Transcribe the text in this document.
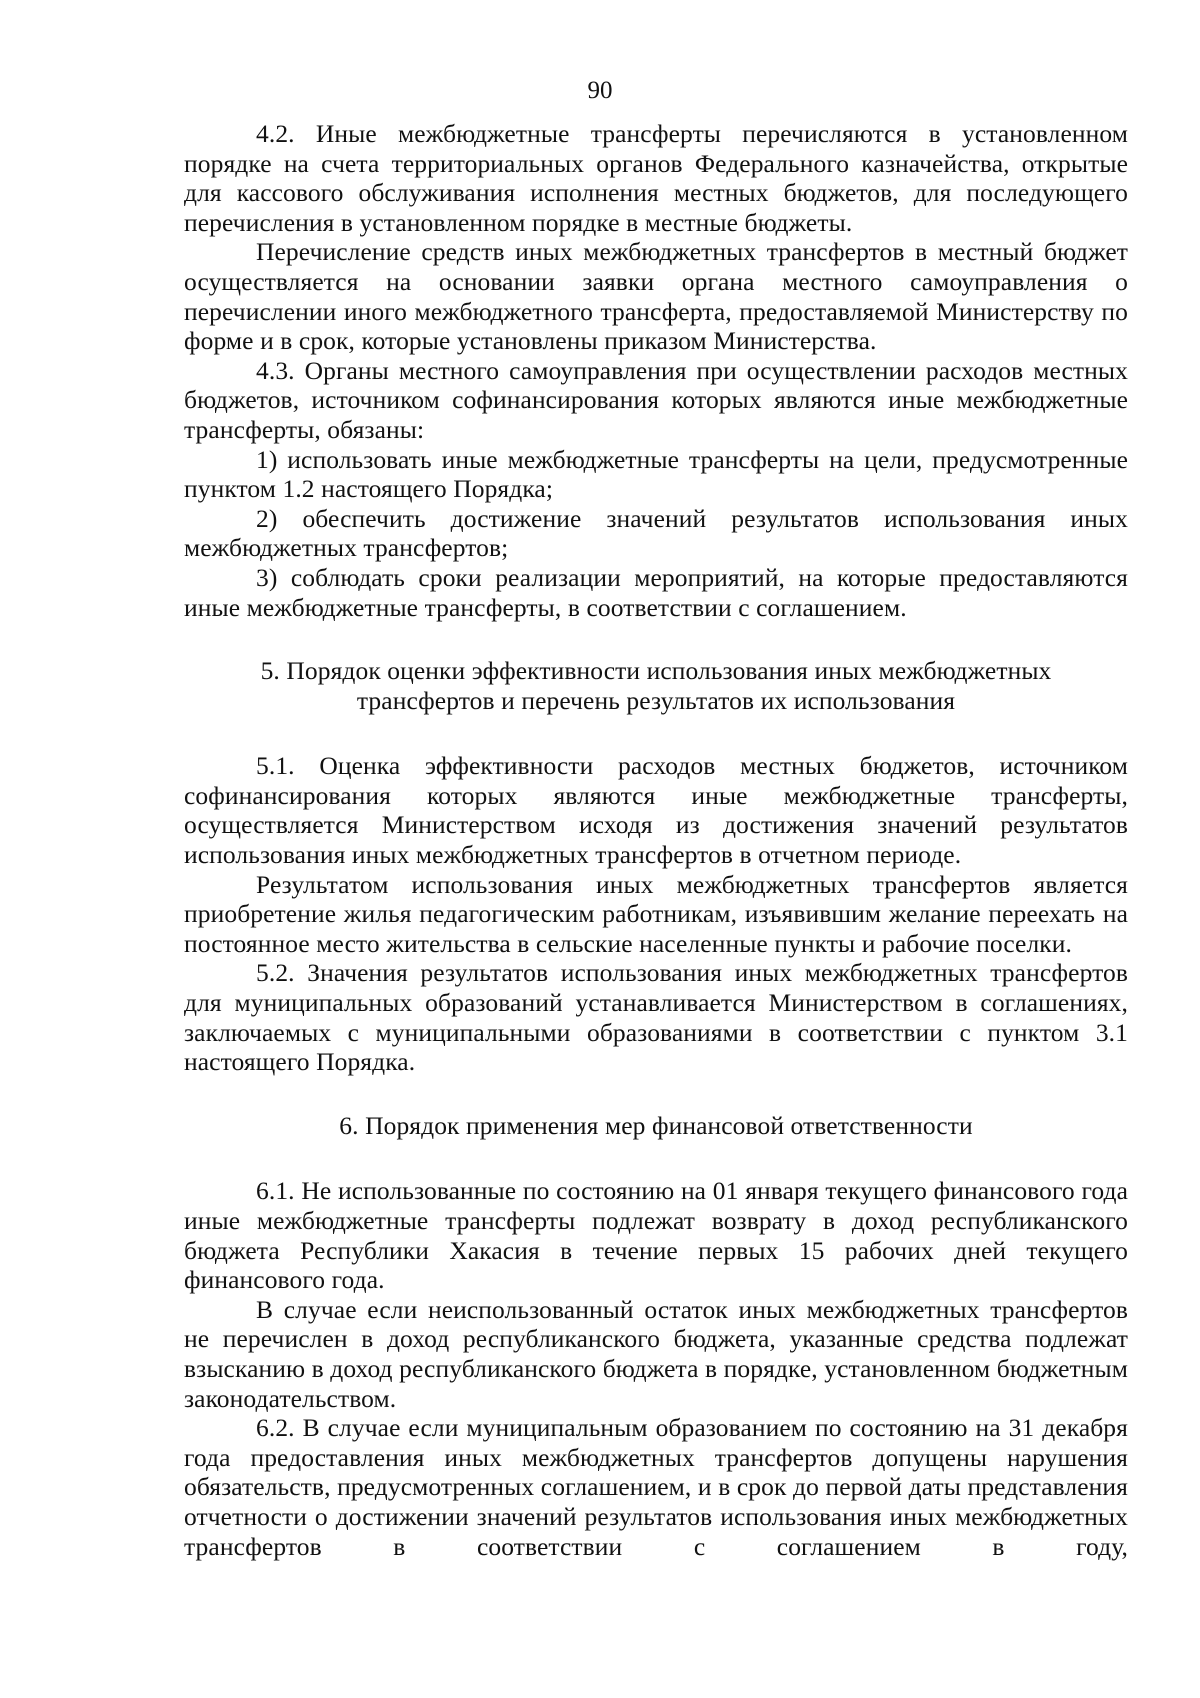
90

4.2. Иные межбюджетные трансферты перечисляются в установленном порядке на счета территориальных органов Федерального казначейства, открытые для кассового обслуживания исполнения местных бюджетов, для последующего перечисления в установленном порядке в местные бюджеты.

Перечисление средств иных межбюджетных трансфертов в местный бюджет осуществляется на основании заявки органа местного самоуправления о перечислении иного межбюджетного трансферта, предоставляемой Министерству по форме и в срок, которые установлены приказом Министерства.

4.3. Органы местного самоуправления при осуществлении расходов местных бюджетов, источником софинансирования которых являются иные межбюджетные трансферты, обязаны:

1) использовать иные межбюджетные трансферты на цели, предусмотренные пунктом 1.2 настоящего Порядка;

2) обеспечить достижение значений результатов использования иных межбюджетных трансфертов;

3) соблюдать сроки реализации мероприятий, на которые предоставляются иные межбюджетные трансферты, в соответствии с соглашением.

5. Порядок оценки эффективности использования иных межбюджетных трансфертов и перечень результатов их использования

5.1. Оценка эффективности расходов местных бюджетов, источником софинансирования которых являются иные межбюджетные трансферты, осуществляется Министерством исходя из достижения значений результатов использования иных межбюджетных трансфертов в отчетном периоде.

Результатом использования иных межбюджетных трансфертов является приобретение жилья педагогическим работникам, изъявившим желание переехать на постоянное место жительства в сельские населенные пункты и рабочие поселки.

5.2. Значения результатов использования иных межбюджетных трансфертов для муниципальных образований устанавливается Министерством в соглашениях, заключаемых с муниципальными образованиями в соответствии с пунктом 3.1 настоящего Порядка.

6. Порядок применения мер финансовой ответственности

6.1. Не использованные по состоянию на 01 января текущего финансового года иные межбюджетные трансферты подлежат возврату в доход республиканского бюджета Республики Хакасия в течение первых 15 рабочих дней текущего финансового года.

В случае если неиспользованный остаток иных межбюджетных трансфертов не перечислен в доход республиканского бюджета, указанные средства подлежат взысканию в доход республиканского бюджета в порядке, установленном бюджетным законодательством.

6.2. В случае если муниципальным образованием по состоянию на 31 декабря года предоставления иных межбюджетных трансфертов допущены нарушения обязательств, предусмотренных соглашением, и в срок до первой даты представления отчетности о достижении значений результатов использования иных межбюджетных трансфертов в соответствии с соглашением в году,
